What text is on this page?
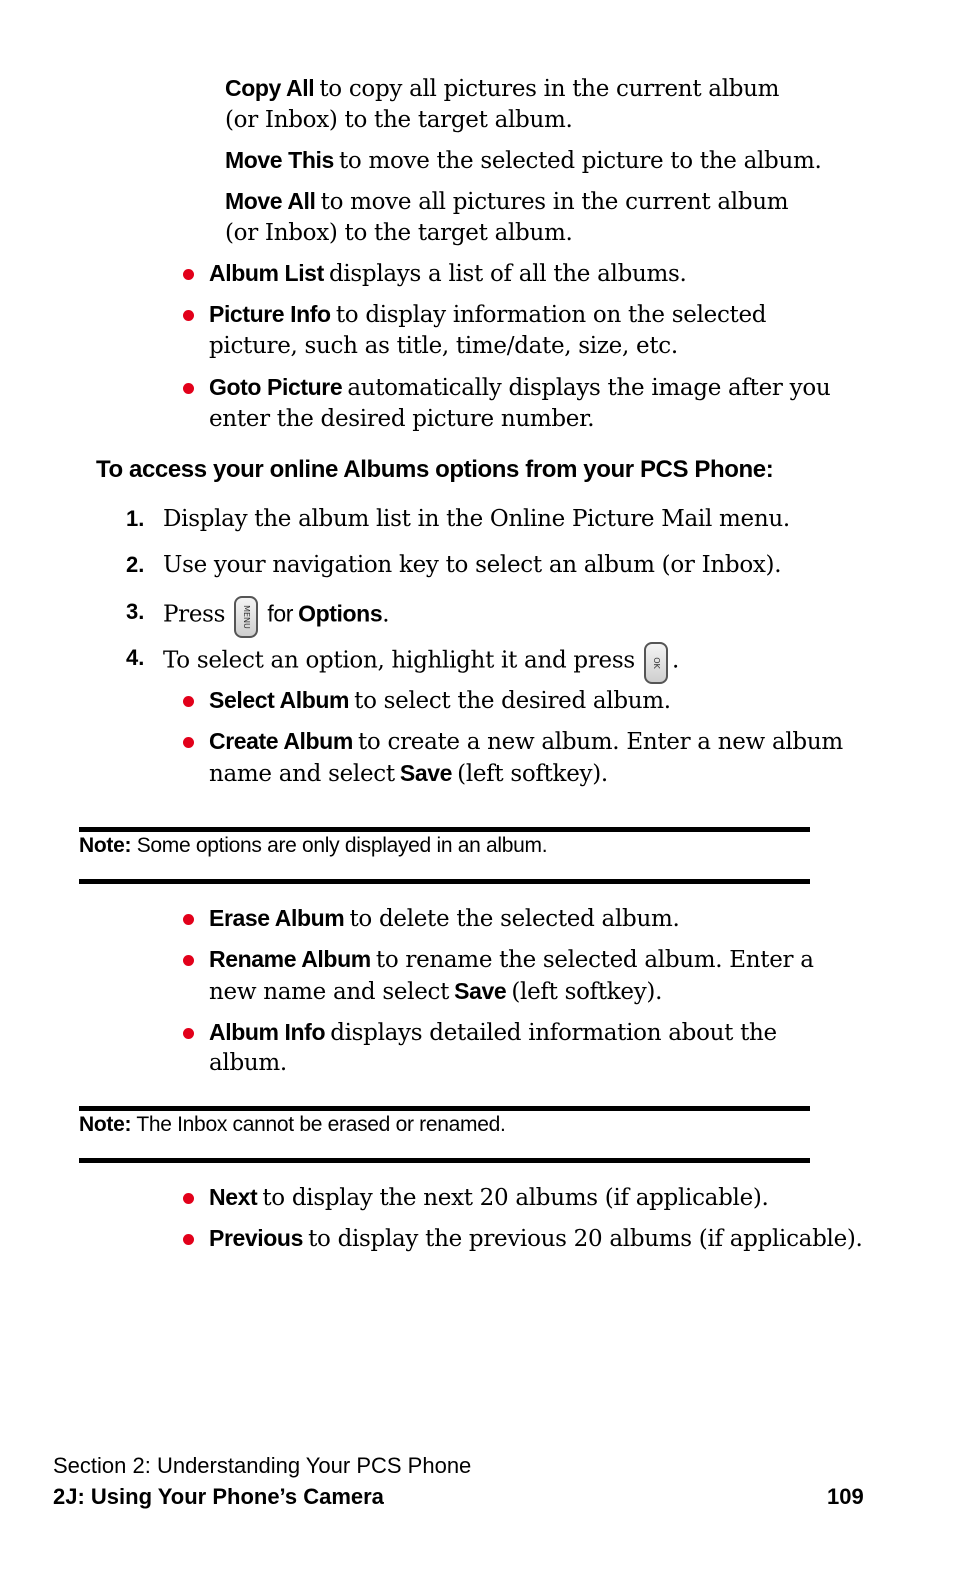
Copy All to copy all pictures in the current album
(or Inbox) to the target album.
Move This to move the selected picture to the album.
Move All to move all pictures in the current album
(or Inbox) to the target album.
Album List displays a list of all the albums.
Picture Info to display information on the selected
picture, such as title, time/date, size, etc.
Goto Picture automatically displays the image after you
enter the desired picture number.
To access your online Albums options from your PCS Phone:
1. Display the album list in the Online Picture Mail menu.
2. Use your navigation key to select an album (or Inbox).
3. Press	MENU for Options.
4. To select an option, highlight it and press	OK .
Select Album to select the desired album.
Create Album to create a new album. Enter a new album
name and select Save (left softkey).
Note: Some options are only displayed in an album.
Erase Album to delete the selected album.
Rename Album to rename the selected album. Enter a
new name and select Save (left softkey).
Album Info displays detailed information about the
album.
Note: The Inbox cannot be erased or renamed.
Next to display the next 20 albums (if applicable).
Previous to display the previous 20 albums (if applicable).
Section 2: Understanding Your PCS Phone
2J: Using Your Phone’s Camera	109
